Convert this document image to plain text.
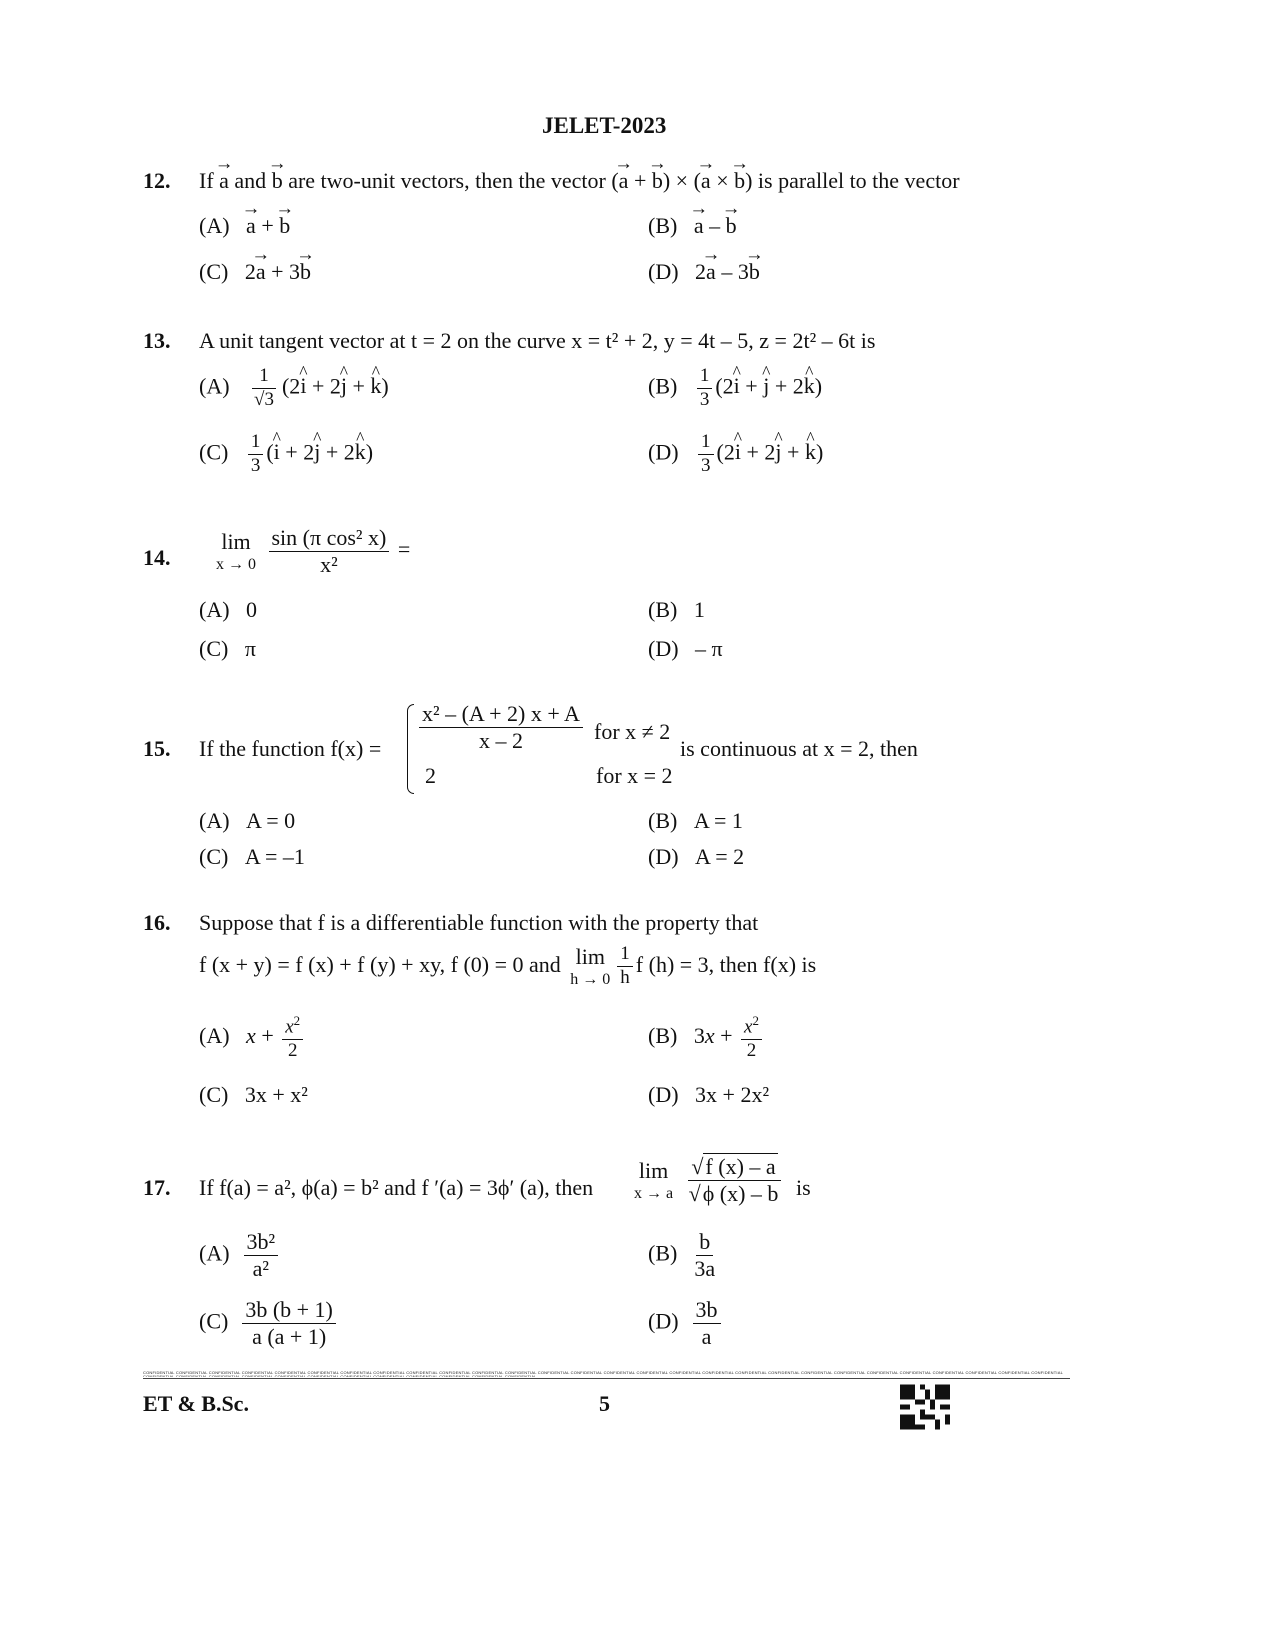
JELET-2023
12. If → a and → b are two-unit vectors, then the vector (→ a + → b) × (→ a × → b) is parallel to the vector
(A) → a + → b	(B) → a – → b
(C)   2→ a + 3→ b	(D)   2→ a – 3→ b
13. A unit tangent vector at t = 2 on the curve x = t² + 2, y = 4t – 5, z = 2t² – 6t is
$(A) \frac{1}{√3}$ (2^ i + 2^ j + ^ k)	$(B) \frac{1}{3}$ (2^ i + ^ j + 2^ k)
$(C) \frac{1}{3}$ (^ i + 2^ j + 2^ k)	$(D) \frac{1}{3}$ (2^ i + 2^ j + ^ k)
14.
lim
x → 0
$\frac{\text{sin (π cos² x)}}{\text{x²}}$ =
(A) 0	(B) 1
(C) π	(D) – π
15. If the function $f(x) = \frac{\text{x² – (A + 2) x + A}}{x - 2}$ for x ≠ 2
2	for x = 2
is continuous at x = 2, then
(A) A = 0	(B) A = 1
(C) A = –1	(D) A = 2
16. Suppose that f is a differentiable function with the property that
f (x + y) = f (x) + f (y) + xy, f (0) = 0 and lim
$h \to 0 \frac{1}{h}$ f (h) = 3, then f(x) is
(A) $x + \frac{x^2}{2}$	(B)   $3x + \frac{x^2}{2}$
(C) 3x + x²	(D) 3x + 2x²
17. If f(a) = a², ϕ(a) = b² and f ′(a) = 3ϕ′ (a), then
lim
x → a
$\frac{√f (x) - a}{√\phi (x) - b}$ is
$(A) \frac{\text{3b²}}{\text{a²}}$	$(B) \frac{b}{3a}$
$(C) \frac{3b (b + 1)}{a (a + 1)}$	$(D) \frac{3b}{a}$
CONFIDENTIAL CONFIDENTIAL CONFIDENTIAL CONFIDENTIAL CONFIDENTIAL CONFIDENTIAL CONFIDENTIAL CONFIDENTIAL CONFIDENTIAL CONFIDENTIAL CONFIDENTIAL CONFIDENTIAL CONFIDENTIAL CONFIDENTIAL CONFIDENTIAL CONFIDENTIAL CONFIDENTIAL CONFIDENTIAL CONFIDENTIAL CONFIDENTIAL CONFIDENTIAL CONFIDENTIAL CONFIDENTIAL CONFIDENTIAL CONFIDENTIAL CONFIDENTIAL CONFIDENTIAL CONFIDENTIAL CONFIDENTIAL CONFIDENTIAL CONFIDENTIAL CONFIDENTIAL CONFIDENTIAL CONFIDENTIAL CONFIDENTIAL CONFIDENTIAL CONFIDENTIAL CONFIDENTIAL CONFIDENTIAL CONFIDENTIAL
ET & B.Sc.	5
